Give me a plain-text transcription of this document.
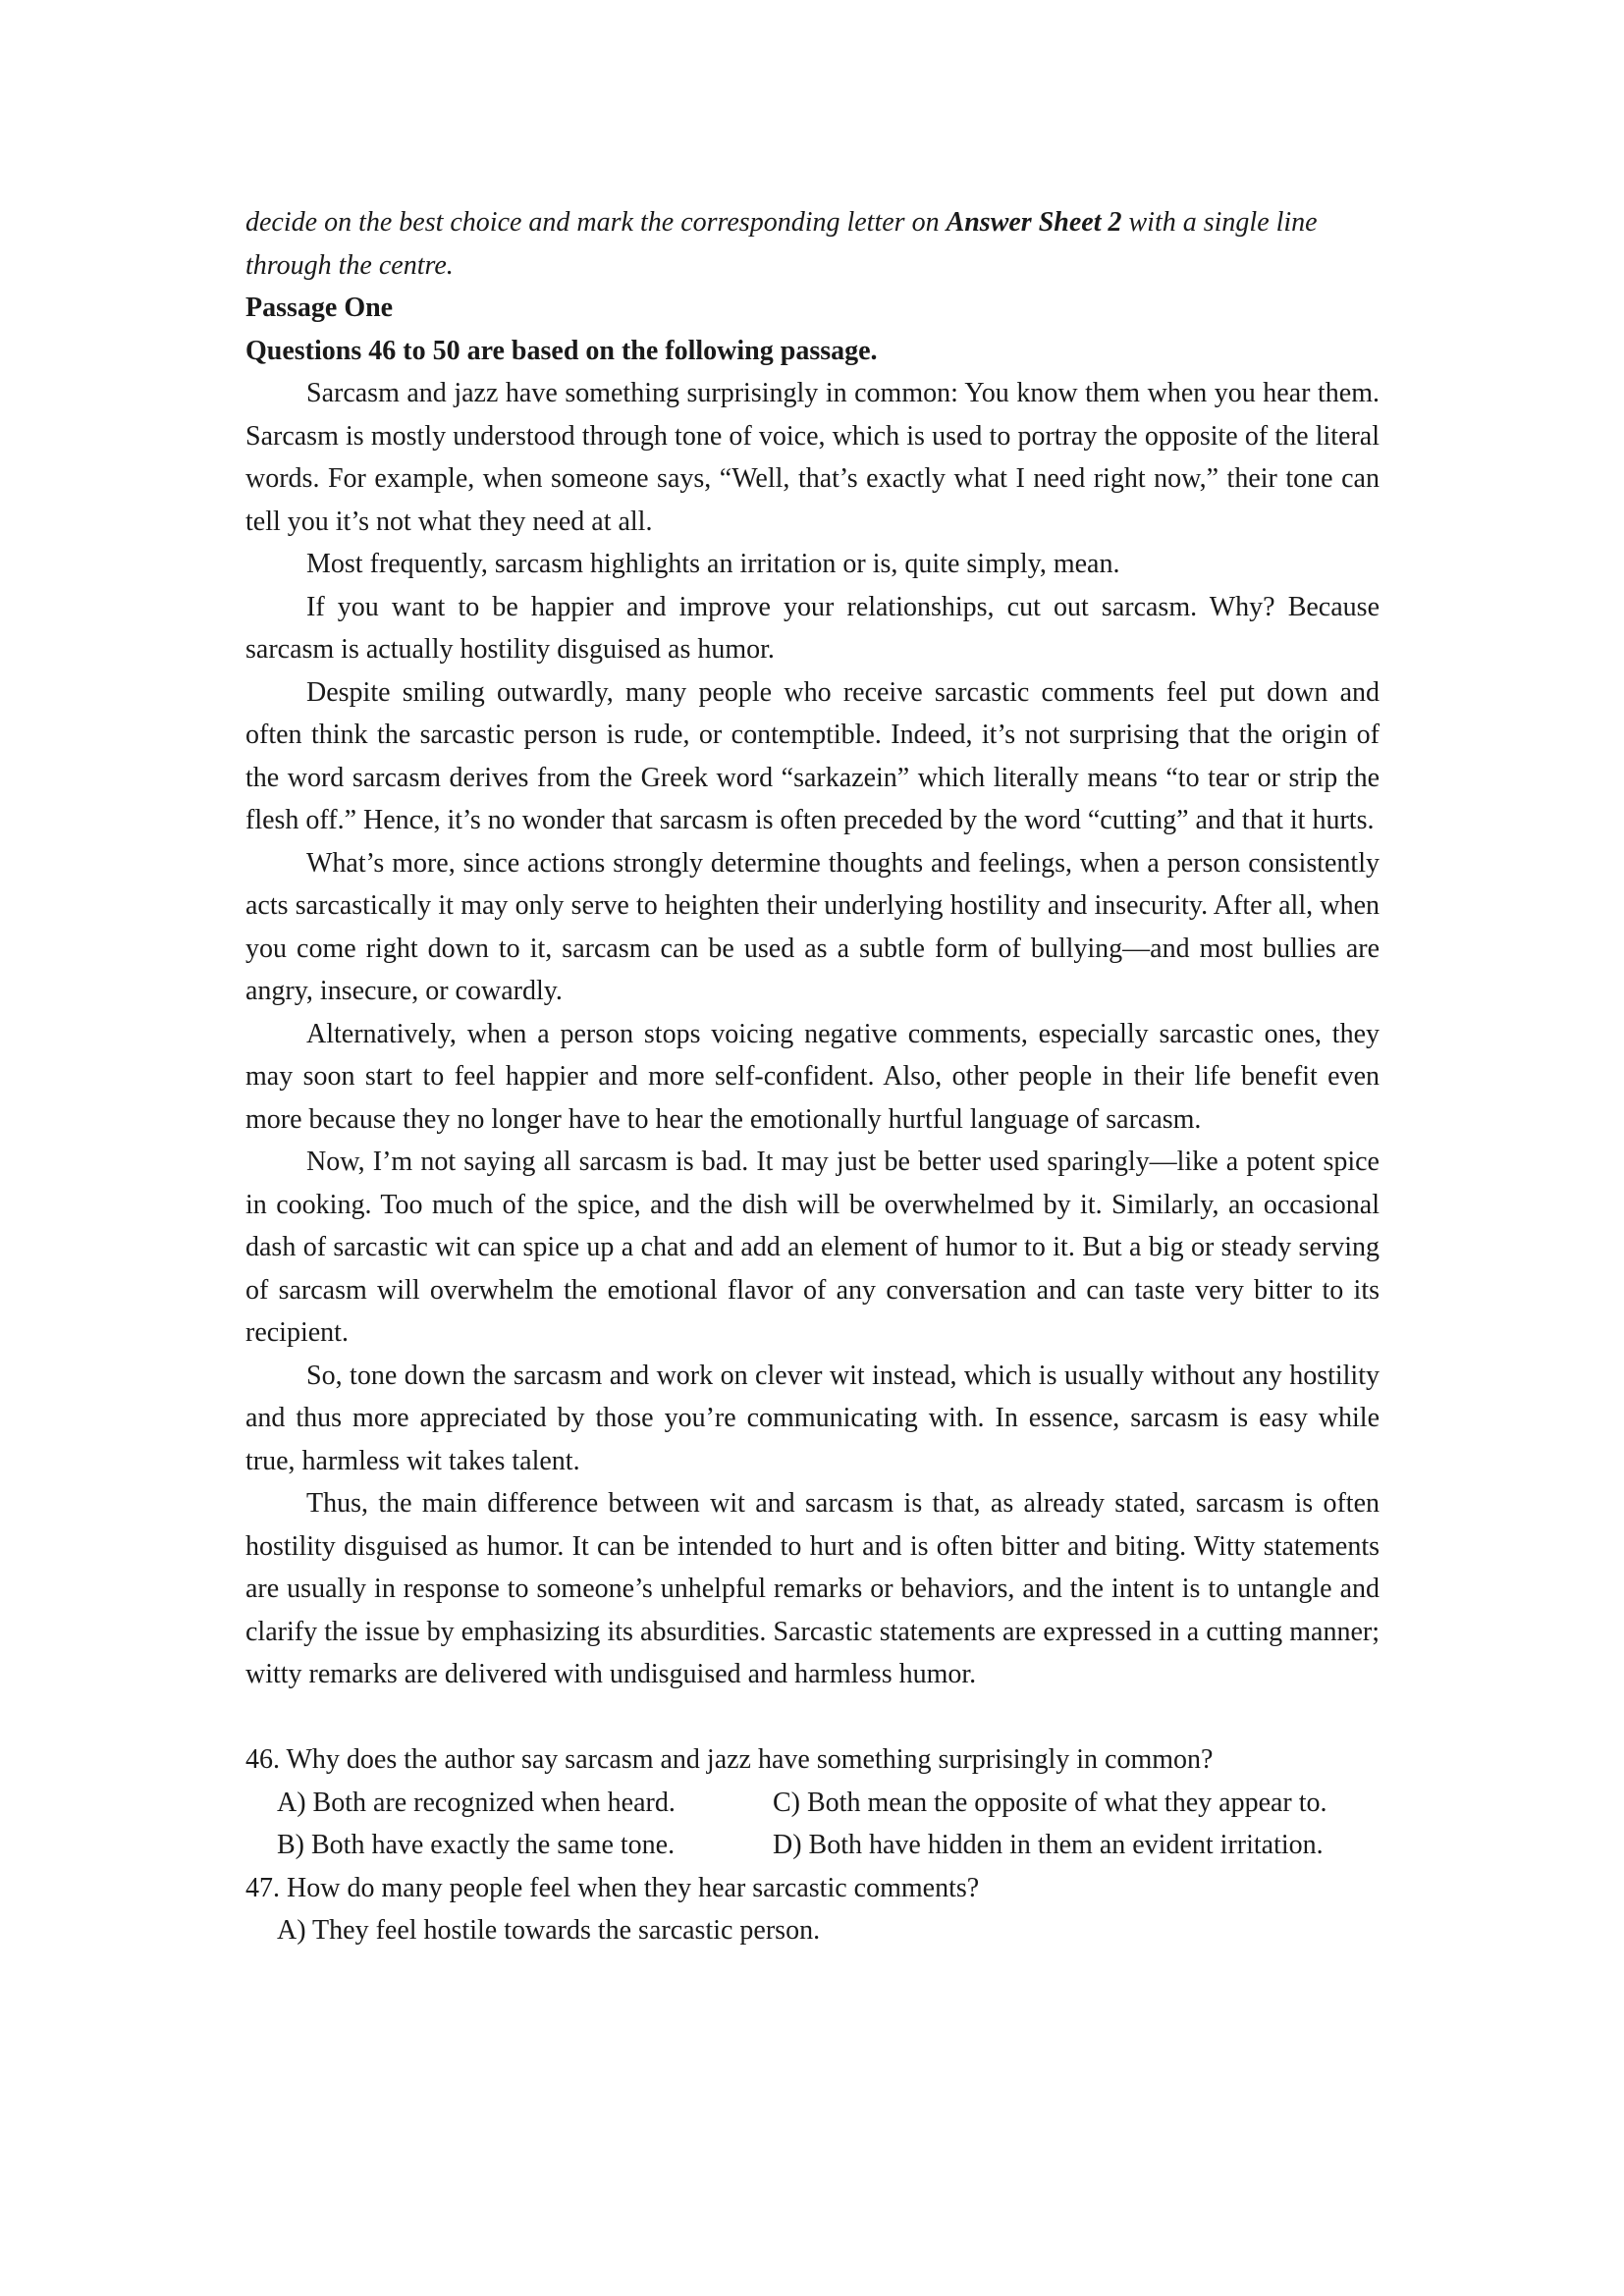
decide on the best choice and mark the corresponding letter on Answer Sheet 2 with a single line through the centre.

Passage One

Questions 46 to 50 are based on the following passage.

Sarcasm and jazz have something surprisingly in common: You know them when you hear them. Sarcasm is mostly understood through tone of voice, which is used to portray the opposite of the literal words. For example, when someone says, “Well, that’s exactly what I need right now,” their tone can tell you it’s not what they need at all.

Most frequently, sarcasm highlights an irritation or is, quite simply, mean.

If you want to be happier and improve your relationships, cut out sarcasm. Why? Because sarcasm is actually hostility disguised as humor.

Despite smiling outwardly, many people who receive sarcastic comments feel put down and often think the sarcastic person is rude, or contemptible. Indeed, it’s not surprising that the origin of the word sarcasm derives from the Greek word “sarkazein” which literally means “to tear or strip the flesh off.” Hence, it’s no wonder that sarcasm is often preceded by the word “cutting” and that it hurts.

What’s more, since actions strongly determine thoughts and feelings, when a person consistently acts sarcastically it may only serve to heighten their underlying hostility and insecurity. After all, when you come right down to it, sarcasm can be used as a subtle form of bullying—and most bullies are angry, insecure, or cowardly.

Alternatively, when a person stops voicing negative comments, especially sarcastic ones, they may soon start to feel happier and more self-confident. Also, other people in their life benefit even more because they no longer have to hear the emotionally hurtful language of sarcasm.

Now, I’m not saying all sarcasm is bad. It may just be better used sparingly—like a potent spice in cooking. Too much of the spice, and the dish will be overwhelmed by it. Similarly, an occasional dash of sarcastic wit can spice up a chat and add an element of humor to it. But a big or steady serving of sarcasm will overwhelm the emotional flavor of any conversation and can taste very bitter to its recipient.

So, tone down the sarcasm and work on clever wit instead, which is usually without any hostility and thus more appreciated by those you’re communicating with. In essence, sarcasm is easy while true, harmless wit takes talent.

Thus, the main difference between wit and sarcasm is that, as already stated, sarcasm is often hostility disguised as humor. It can be intended to hurt and is often bitter and biting. Witty statements are usually in response to someone’s unhelpful remarks or behaviors, and the intent is to untangle and clarify the issue by emphasizing its absurdities. Sarcastic statements are expressed in a cutting manner; witty remarks are delivered with undisguised and harmless humor.

46. Why does the author say sarcasm and jazz have something surprisingly in common?

A) Both are recognized when heard.	C) Both mean the opposite of what they appear to.
B) Both have exactly the same tone.	D) Both have hidden in them an evident irritation.

47. How do many people feel when they hear sarcastic comments?

A) They feel hostile towards the sarcastic person.
